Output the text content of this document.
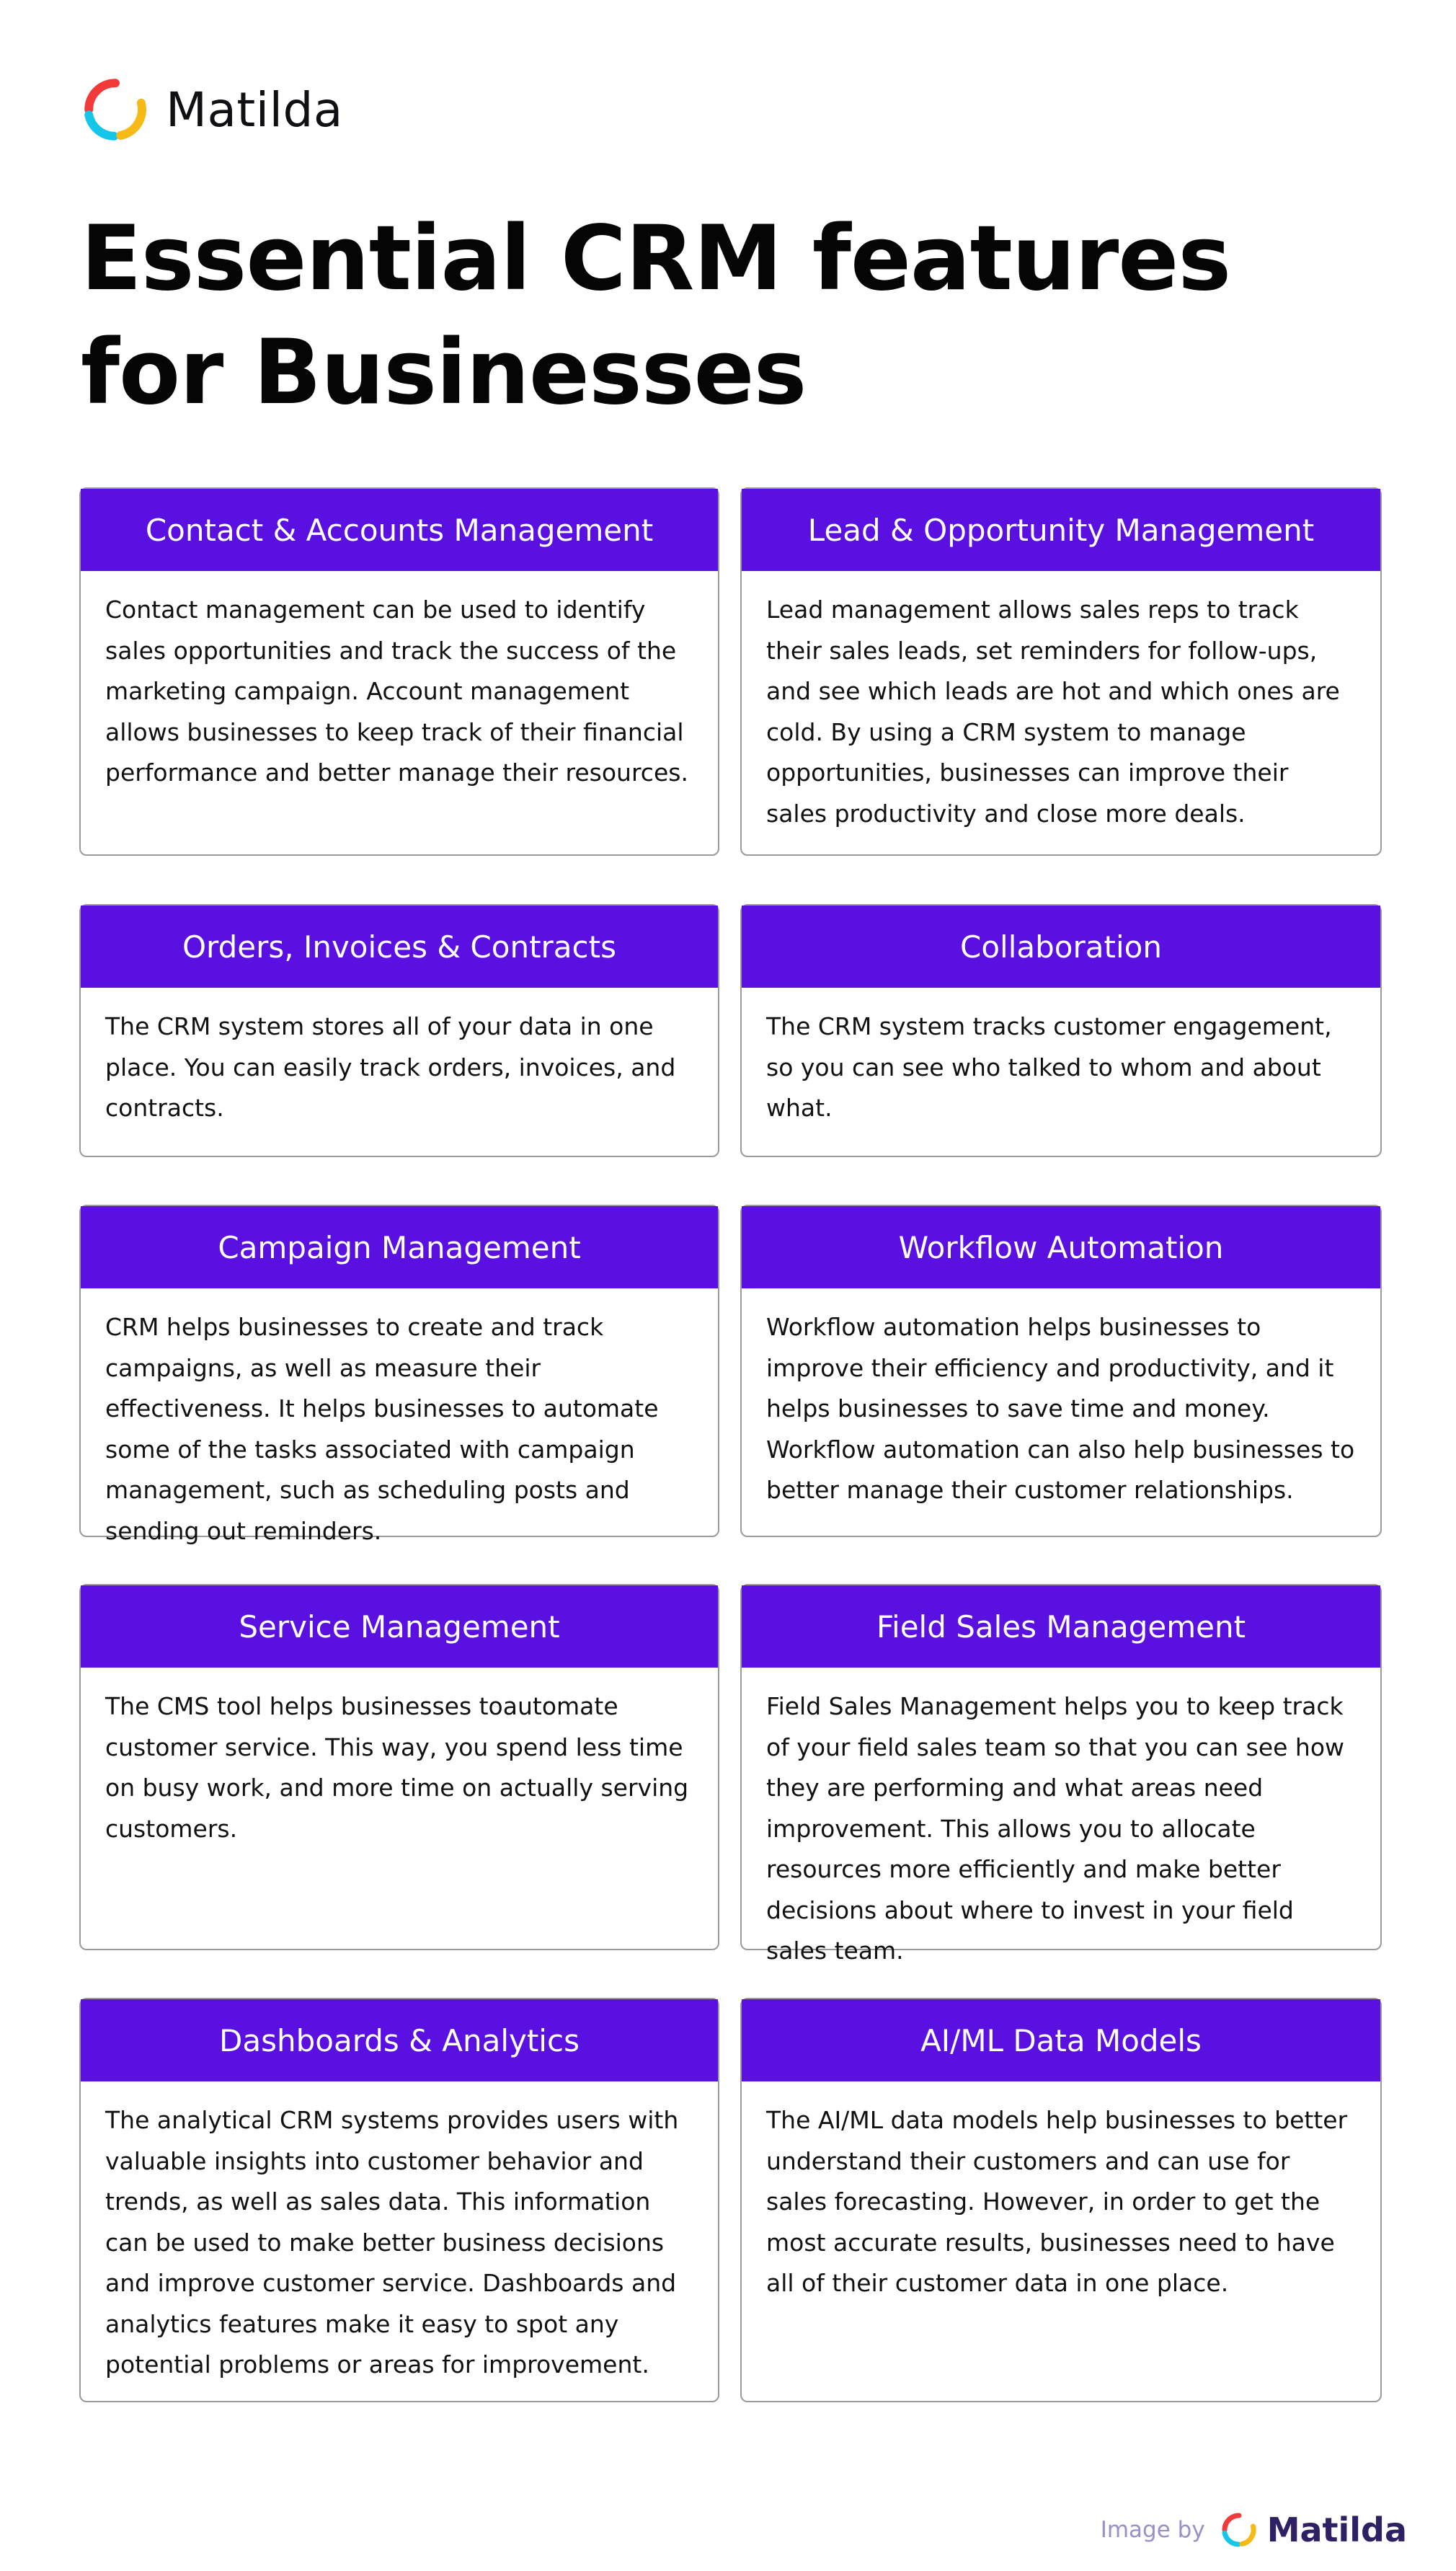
Matilda
Essential CRM features for Businesses
Contact & Accounts Management
Contact management can be used to identify sales opportunities and track the success of the marketing campaign. Account management allows businesses to keep track of their financial performance and better manage their resources.
Lead & Opportunity Management
Lead management allows sales reps to track their sales leads, set reminders for follow-ups, and see which leads are hot and which ones are cold. By using a CRM system to manage opportunities, businesses can improve their sales productivity and close more deals.
Orders, Invoices & Contracts
The CRM system stores all of your data in one place. You can easily track orders, invoices, and contracts.
Collaboration
The CRM system tracks customer engagement, so you can see who talked to whom and about what.
Campaign Management
CRM helps businesses to create and track campaigns, as well as measure their effectiveness. It helps businesses to automate some of the tasks associated with campaign management, such as scheduling posts and sending out reminders.
Workflow Automation
Workflow automation helps businesses to improve their efficiency and productivity, and it helps businesses to save time and money. Workflow automation can also help businesses to better manage their customer relationships.
Service Management
The CMS tool helps businesses toautomate customer service. This way, you spend less time on busy work, and more time on actually serving customers.
Field Sales Management
Field Sales Management helps you to keep track of your field sales team so that you can see how they are performing and what areas need improvement. This allows you to allocate resources more efficiently and make better decisions about where to invest in your field sales team.
Dashboards & Analytics
The analytical CRM systems provides users with valuable insights into customer behavior and trends, as well as sales data. This information can be used to make better business decisions and improve customer service. Dashboards and analytics features make it easy to spot any potential problems or areas for improvement.
AI/ML Data Models
The AI/ML data models help businesses to better understand their customers and can use for sales forecasting. However, in order to get the most accurate results, businesses need to have all of their customer data in one place.
Image by Matilda
